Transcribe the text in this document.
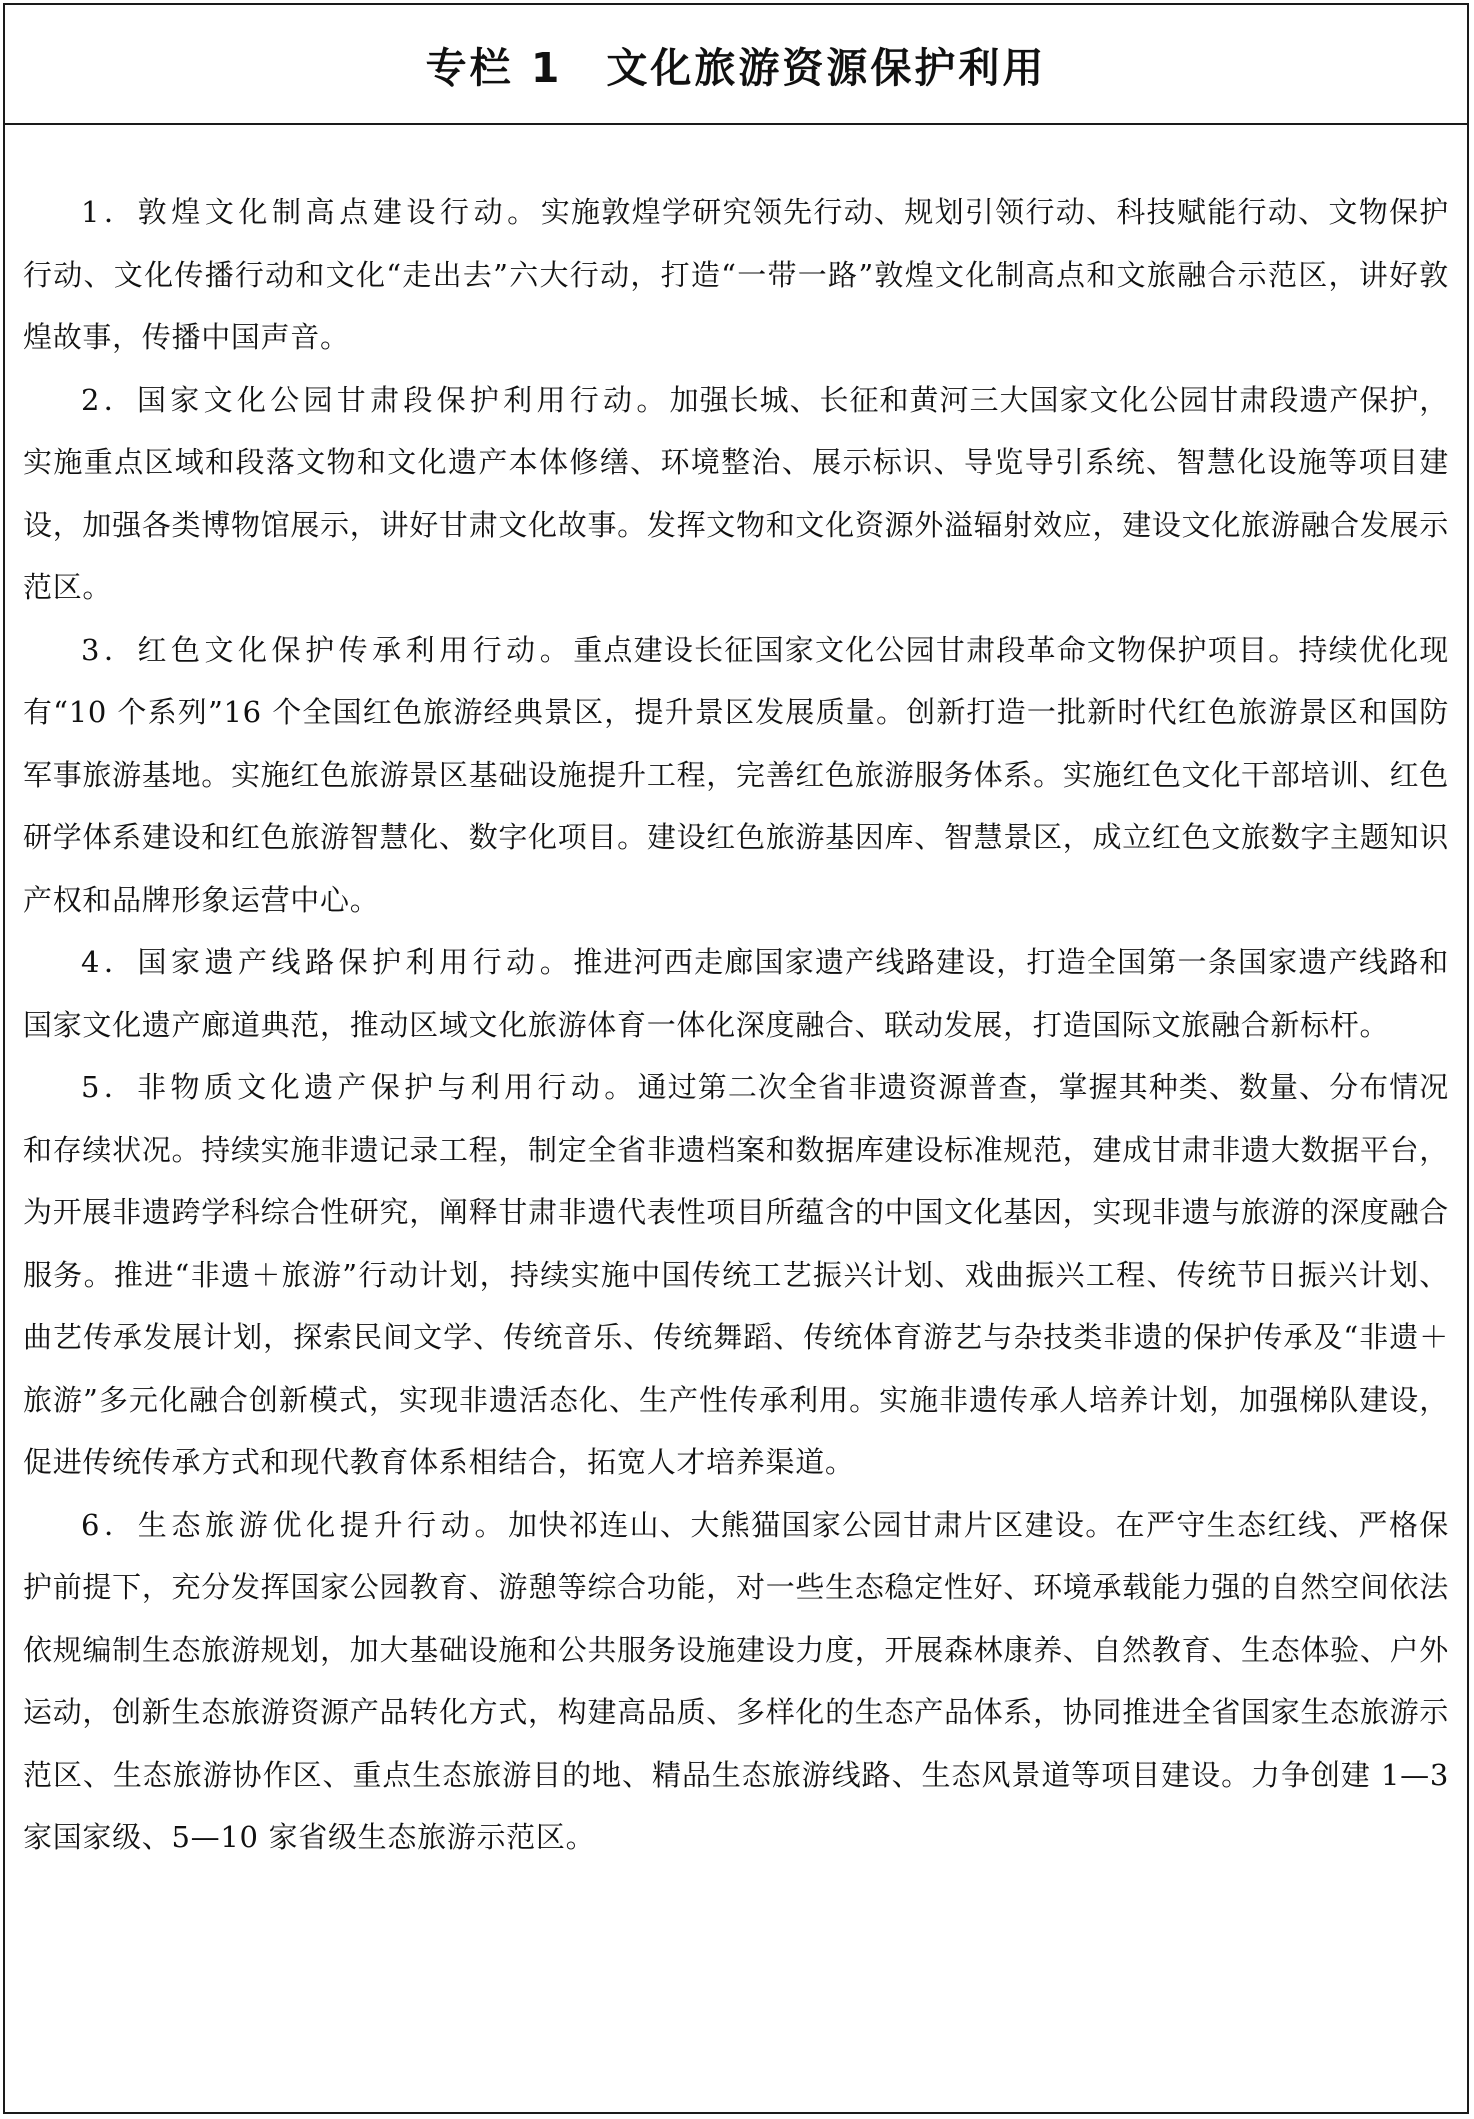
专栏 1　文化旅游资源保护利用

1．敦煌文化制高点建设行动。实施敦煌学研究领先行动、规划引领行动、科技赋能行动、文物保护行动、文化传播行动和文化“走出去”六大行动，打造“一带一路”敦煌文化制高点和文旅融合示范区，讲好敦煌故事，传播中国声音。

2．国家文化公园甘肃段保护利用行动。加强长城、长征和黄河三大国家文化公园甘肃段遗产保护，实施重点区域和段落文物和文化遗产本体修缮、环境整治、展示标识、导览导引系统、智慧化设施等项目建设，加强各类博物馆展示，讲好甘肃文化故事。发挥文物和文化资源外溢辐射效应，建设文化旅游融合发展示范区。

3．红色文化保护传承利用行动。重点建设长征国家文化公园甘肃段革命文物保护项目。持续优化现有“10 个系列”16 个全国红色旅游经典景区，提升景区发展质量。创新打造一批新时代红色旅游景区和国防军事旅游基地。实施红色旅游景区基础设施提升工程，完善红色旅游服务体系。实施红色文化干部培训、红色研学体系建设和红色旅游智慧化、数字化项目。建设红色旅游基因库、智慧景区，成立红色文旅数字主题知识产权和品牌形象运营中心。

4．国家遗产线路保护利用行动。推进河西走廊国家遗产线路建设，打造全国第一条国家遗产线路和国家文化遗产廊道典范，推动区域文化旅游体育一体化深度融合、联动发展，打造国际文旅融合新标杆。

5．非物质文化遗产保护与利用行动。通过第二次全省非遗资源普查，掌握其种类、数量、分布情况和存续状况。持续实施非遗记录工程，制定全省非遗档案和数据库建设标准规范，建成甘肃非遗大数据平台，为开展非遗跨学科综合性研究，阐释甘肃非遗代表性项目所蕴含的中国文化基因，实现非遗与旅游的深度融合服务。推进“非遗＋旅游”行动计划，持续实施中国传统工艺振兴计划、戏曲振兴工程、传统节日振兴计划、曲艺传承发展计划，探索民间文学、传统音乐、传统舞蹈、传统体育游艺与杂技类非遗的保护传承及“非遗＋旅游”多元化融合创新模式，实现非遗活态化、生产性传承利用。实施非遗传承人培养计划，加强梯队建设，促进传统传承方式和现代教育体系相结合，拓宽人才培养渠道。

6．生态旅游优化提升行动。加快祁连山、大熊猫国家公园甘肃片区建设。在严守生态红线、严格保护前提下，充分发挥国家公园教育、游憩等综合功能，对一些生态稳定性好、环境承载能力强的自然空间依法依规编制生态旅游规划，加大基础设施和公共服务设施建设力度，开展森林康养、自然教育、生态体验、户外运动，创新生态旅游资源产品转化方式，构建高品质、多样化的生态产品体系，协同推进全省国家生态旅游示范区、生态旅游协作区、重点生态旅游目的地、精品生态旅游线路、生态风景道等项目建设。力争创建 1—3 家国家级、5—10 家省级生态旅游示范区。
